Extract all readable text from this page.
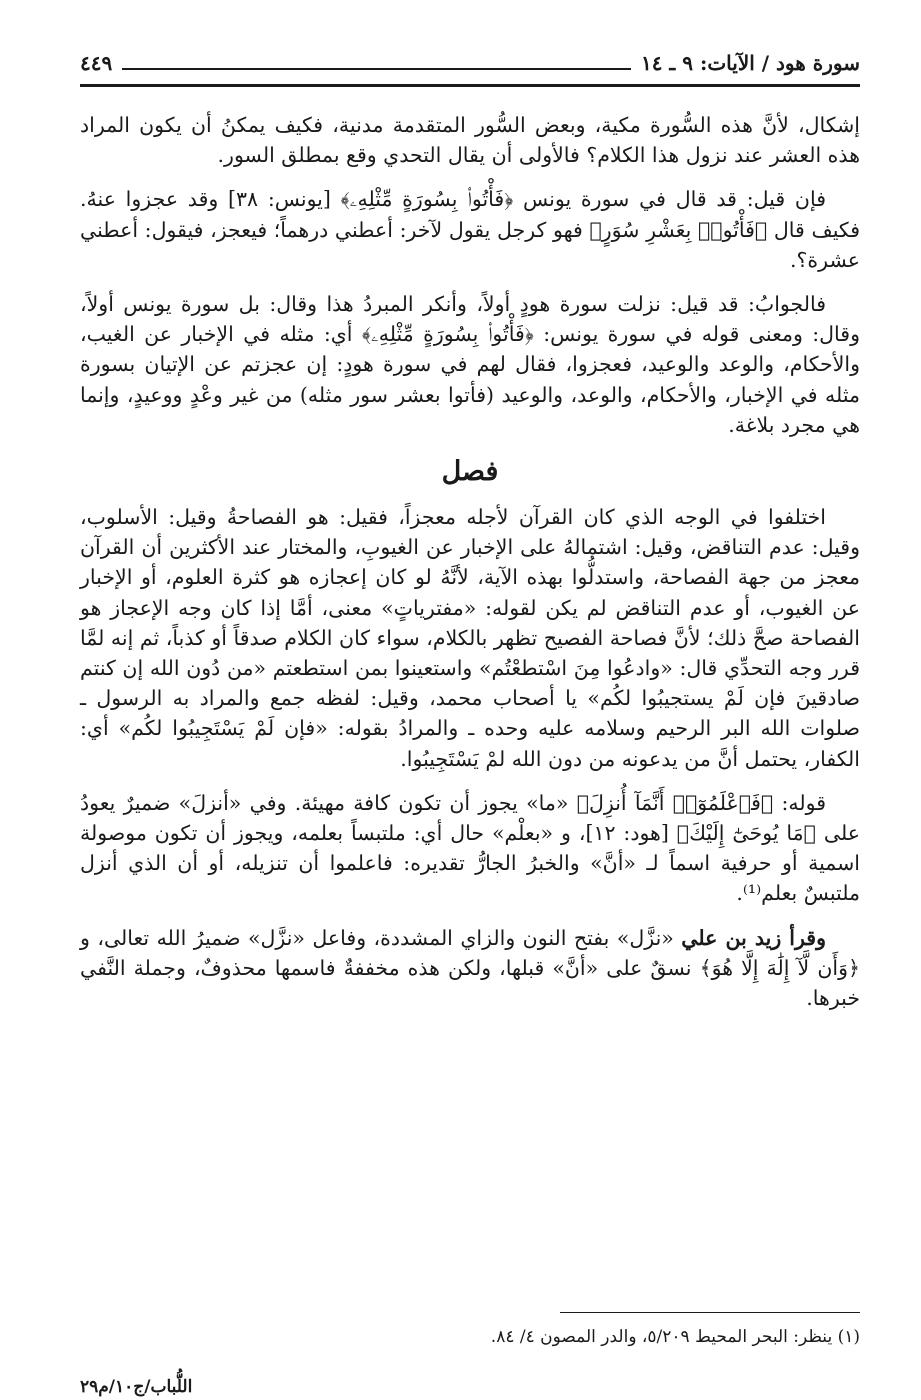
سورة هود / الآيات: ٩ ـ ١٤
٤٤٩

إشكال، لأنَّ هذه السُّورة مكية، وبعض السُّور المتقدمة مدنية، فكيف يمكنُ أن يكون المراد هذه العشر عند نزول هذا الكلام؟ فالأولى أن يقال التحدي وقع بمطلق السور.

فإن قيل: قد قال في سورة يونس ﴿فَأْتُوا۟ بِسُورَةٍ مِّثْلِهِۦ﴾ [يونس: ٣٨] وقد عجزوا عنهُ. فكيف قال ﴿فَأْتُوا۟ بِعَشْرِ سُوَرٍ﴾ فهو كرجل يقول لآخر: أعطني درهماً؛ فيعجز، فيقول: أعطني عشرة؟.

فالجوابُ: قد قيل: نزلت سورة هودٍ أولاً، وأنكر المبردُ هذا وقال: بل سورة يونس أولاً، وقال: ومعنى قوله في سورة يونس: ﴿فَأْتُوا۟ بِسُورَةٍ مِّثْلِهِۦ﴾ أي: مثله في الإخبار عن الغيب، والأحكام، والوعد والوعيد، فعجزوا، فقال لهم في سورة هودٍ: إن عجزتم عن الإتيان بسورة مثله في الإخبار، والأحكام، والوعد، والوعيد (فأتوا بعشر سور مثله) من غير وعْدٍ ووعيدٍ، وإنما هي مجرد بلاغة.

فصل

اختلفوا في الوجه الذي كان القرآن لأجله معجزاً، فقيل: هو الفصاحةُ وقيل: الأسلوب، وقيل: عدم التناقض، وقيل: اشتمالهُ على الإخبار عن الغيوبِ، والمختار عند الأكثرين أن القرآن معجز من جهة الفصاحة، واستدلُّوا بهذه الآية، لأنَّهُ لو كان إعجازه هو كثرة العلوم، أو الإخبار عن الغيوب، أو عدم التناقض لم يكن لقوله: «مفترياتٍ» معنى، أمَّا إذا كان وجه الإعجاز هو الفصاحة صحَّ ذلك؛ لأنَّ فصاحة الفصيح تظهر بالكلام، سواء كان الكلام صدقاً أو كذباً، ثم إنه لمَّا قرر وجه التحدِّي قال: «وادعُوا مِنَ اسْتطعْتُم» واستعينوا بمن استطعتم «من دُون الله إن كنتم صادقينَ فإن لَمْ يستجيبُوا لكُم» يا أصحاب محمد، وقيل: لفظه جمع والمراد به الرسول ـ صلوات الله البر الرحيم وسلامه عليه وحده ـ والمرادُ بقوله: «فإن لَمْ يَسْتَجِيبُوا لكُم» أي: الكفار، يحتمل أنَّ من يدعونه من دون الله لمْ يَسْتَجِيبُوا.

قوله: ﴿فَٱعْلَمُوٓا۟ أَنَّمَآ أُنزِلَ﴾ «ما» يجوز أن تكون كافة مهيئة. وفي «أنزلَ» ضميرٌ يعودُ على ﴿مَا يُوحَىٰٓ إِلَيْكَ﴾ [هود: ١٢]، و «بعلْم» حال أي: ملتبساً بعلمه، ويجوز أن تكون موصولة اسمية أو حرفية اسماً لـ «أنَّ» والخبرُ الجارُّ تقديره: فاعلموا أن تنزيله، أو أن الذي أنزل ملتبسٌ بعلم⁽¹⁾.

وقرأ زيد بن علي «نزَّل» بفتح النون والزاي المشددة، وفاعل «نزَّل» ضميرُ الله تعالى، و ﴿وَأَن لَّآ إِلَٰهَ إِلَّا هُوَ﴾ نسقٌ على «أنَّ» قبلها، ولكن هذه مخففةٌ فاسمها محذوفٌ، وجملة النَّفي خبرها.

(١) ينظر: البحر المحيط ٥/٢٠٩، والدر المصون ٤/ ٨٤.
اللُّباب/ج١٠/م٢٩
